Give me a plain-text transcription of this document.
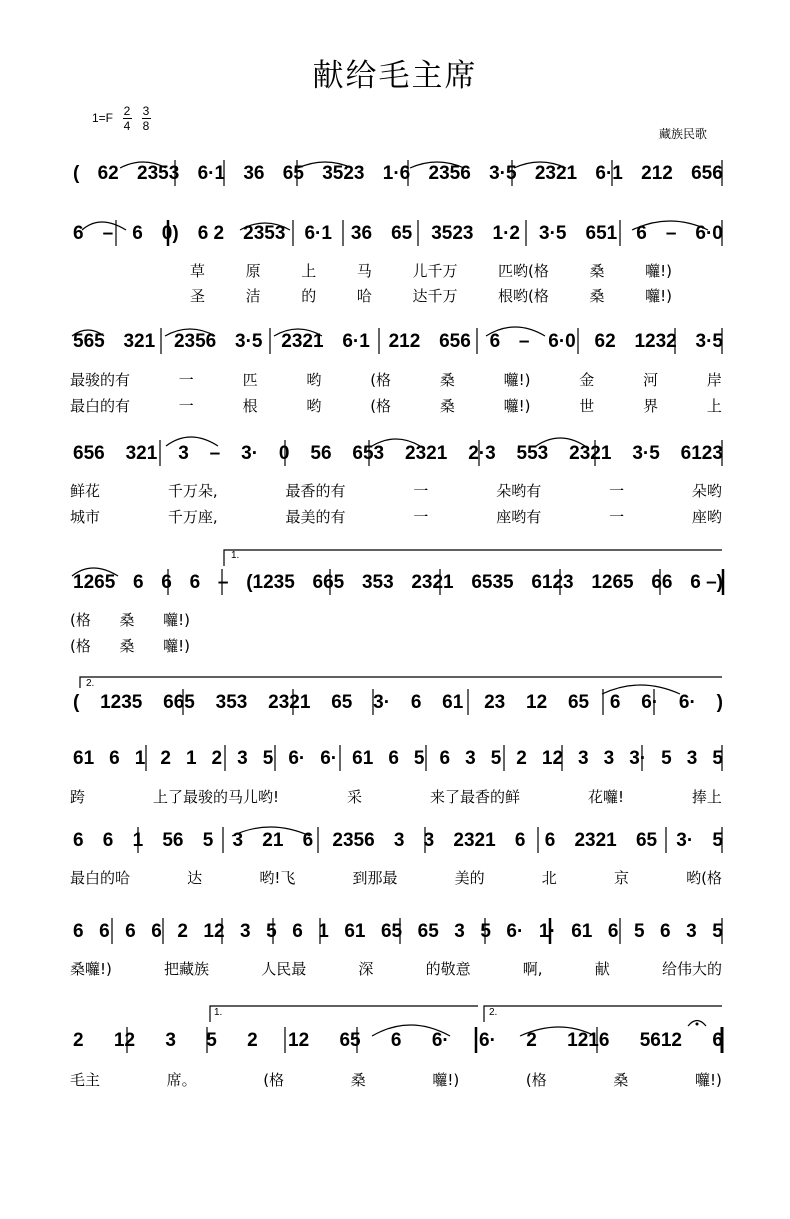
献给毛主席
1=F 2
4
3
8
藏族民歌
( 62 2353 6·1 36 65 3523 1·6 2356 3·5 2321 6·1 212 656
6 – 6 0) 6 2 2353 6·1 36 65 3523 1·2 3·5 651 6 – 6·0
草	原	上	马	儿千万	匹哟(格	桑	囖!)
圣	洁	的	哈	达千万	根哟(格	桑	囖!)
565 321 2356 3·5 2321 6·1 212 656 6 – 6·0 62 1232 3·5
最骏的有	一	匹	哟	(格	桑	囖!)	金	河	岸
最白的有	一	根	哟	(格	桑	囖!)	世	界	上
656 321 3 – 3· 0 56 653 2321 2·3 553 2321 3·5 6123
鲜花	千万朵,	最香的有	一	朵哟有	一	朵哟
城市	千万座,	最美的有	一	座哟有	一	座哟
1265 6 6 6 – (1235 665 353 2321 6535 6123 1265 66 6 –)
1.
(格 桑 囖!)
(格 桑 囖!)
( 1235 665 353 2321 65 3· 6 61 23 12 65 6 6· 6· )
2.
61 6 1 2 1 2 3 5 6· 6· 61 6 5 6 3 5 2 12 3 3 3· 5 3 5
跨	上了最骏的马儿哟!	采	来了最香的鲜	花囖!	捧上
6 6 1 56 5 3 21 6 2356 3 3 2321 6 6 2321 65 3· 5
最白的哈	达	哟!飞	到那最	美的	北	京	哟(格
6 6 6 6 2 12 3 5 6 1 61 65 65 3 5 6· 1· 61 6 5 6 3 5
桑囖!)	把藏族	人民最	深	的敬意	啊,	献	给伟大的
2 12 3 5 2 12 65 6 6· 6· 2 1216 5612 6
1.	2.
毛主	席。	(格	桑	囖!)	(格	桑	囖!)
